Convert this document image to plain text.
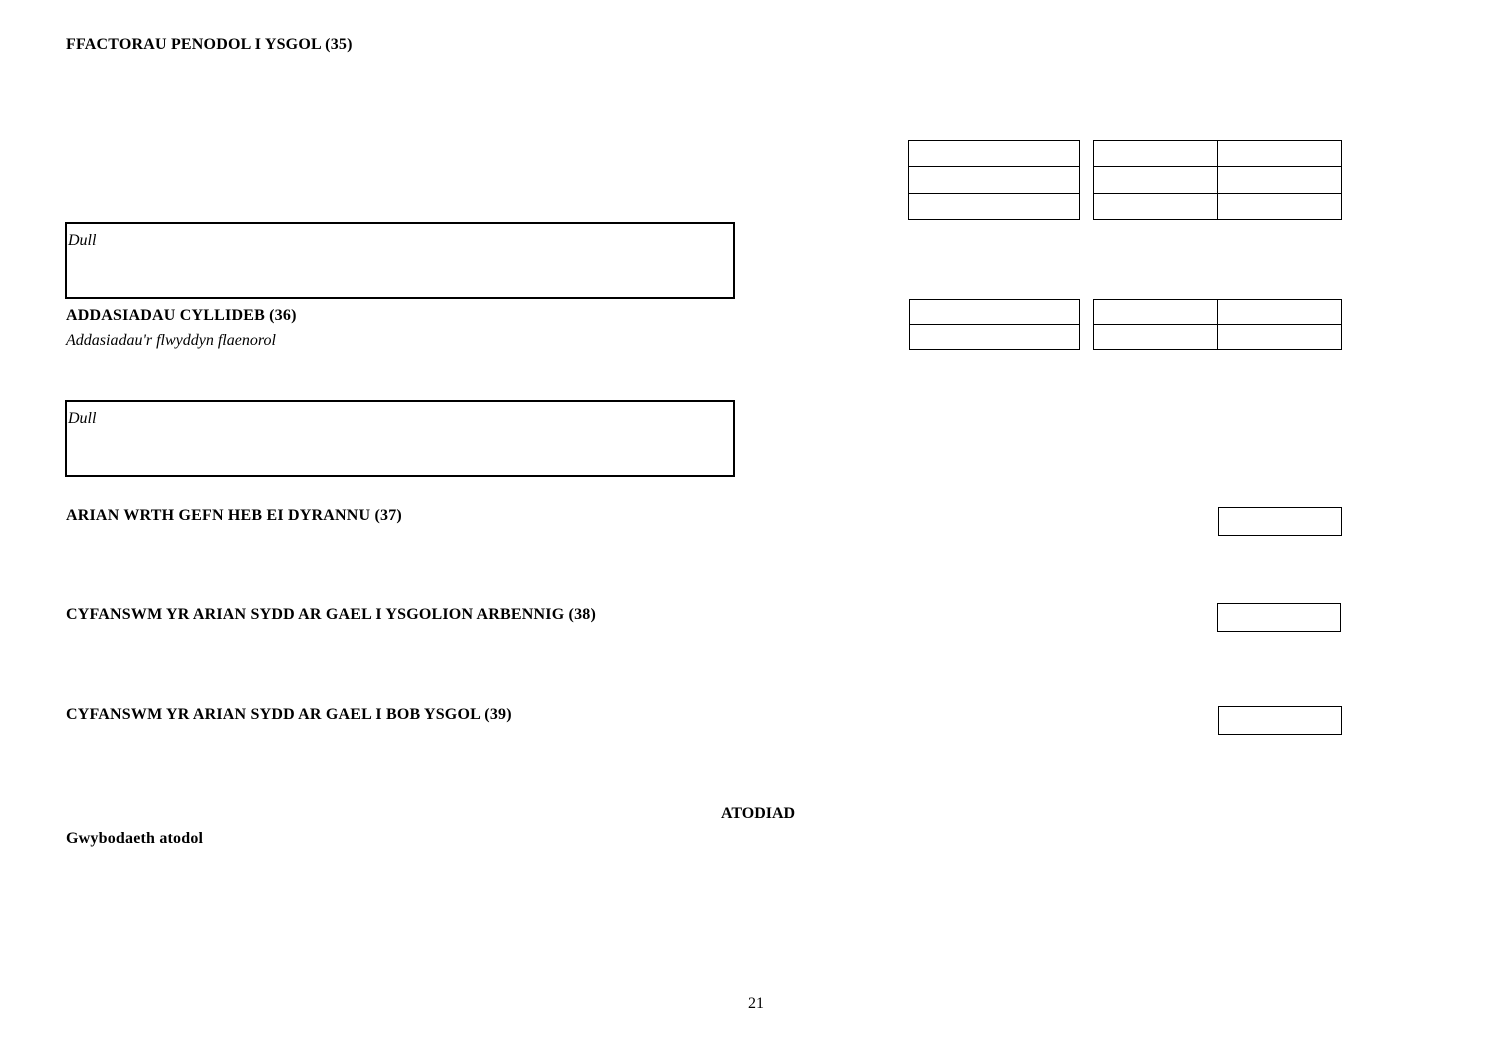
FFACTORAU PENODOL I YSGOL (35)
Dull
ADDASIADAU CYLLIDEB (36)
Addasiadau'r flwyddyn flaenorol
Dull
ARIAN WRTH GEFN HEB EI DYRANNU (37)
CYFANSWM YR ARIAN SYDD AR GAEL I YSGOLION ARBENNIG (38)
CYFANSWM YR ARIAN SYDD AR GAEL I BOB YSGOL (39)
ATODIAD
Gwybodaeth atodol
21
